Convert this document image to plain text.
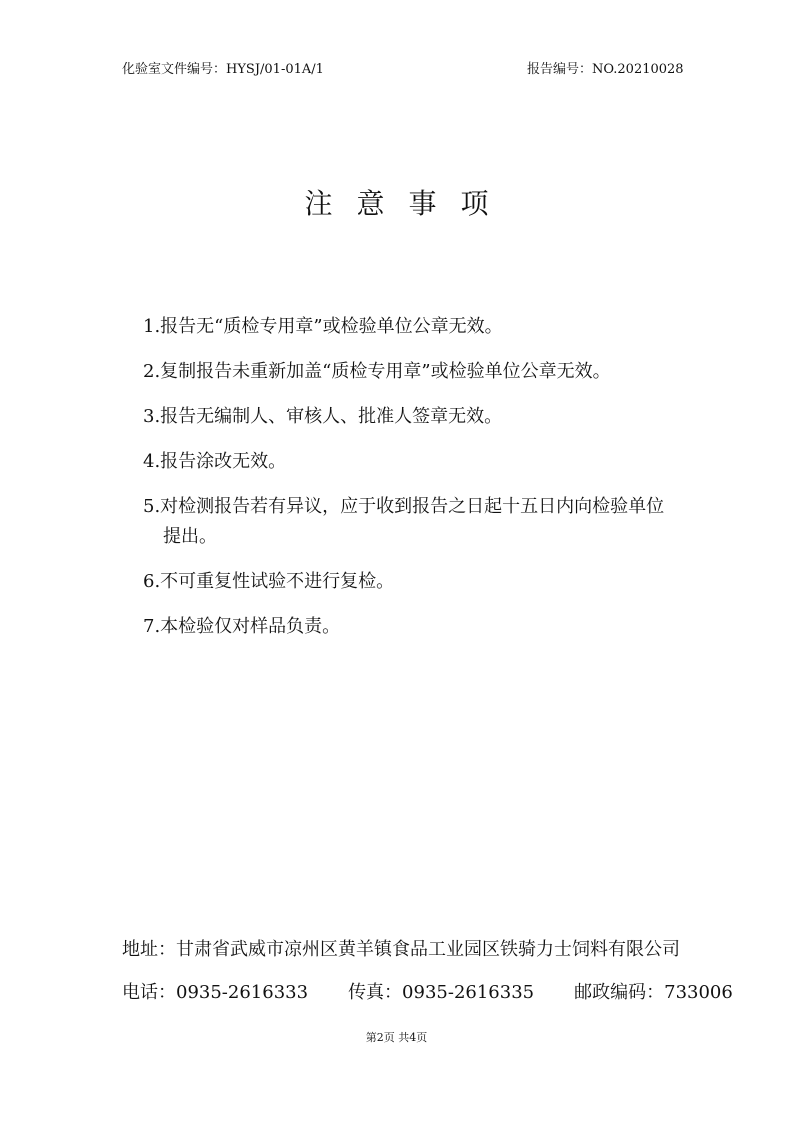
化验室文件编号：HYSJ/01-01A/1	报告编号：NO.20210028
注意事项
1.报告无“质检专用章”或检验单位公章无效。
2.复制报告未重新加盖“质检专用章”或检验单位公章无效。
3.报告无编制人、审核人、批准人签章无效。
4.报告涂改无效。
5.对检测报告若有异议，应于收到报告之日起十五日内向检验单位
提出。
6.不可重复性试验不进行复检。
7.本检验仅对样品负责。
地址：甘肃省武威市凉州区黄羊镇食品工业园区铁骑力士饲料有限公司
电话：0935-2616333 传真：0935-2616335 邮政编码：733006
第2页 共4页
